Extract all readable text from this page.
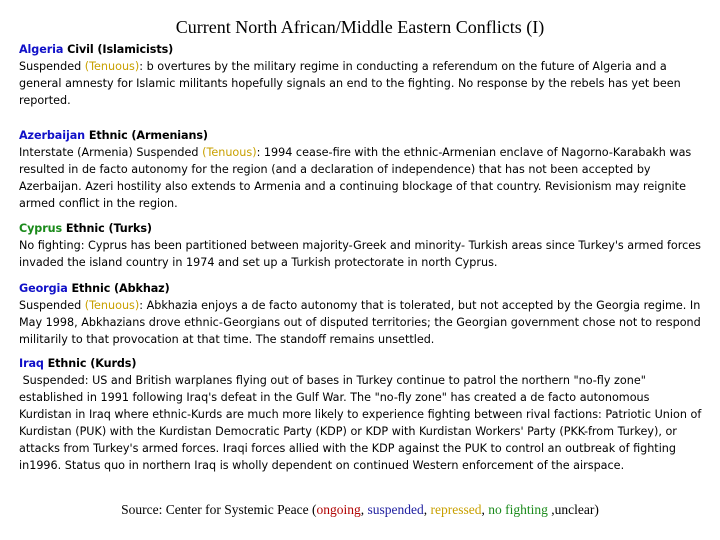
Current North African/Middle Eastern Conflicts (I)
Algeria Civil (Islamicists)
Suspended (Tenuous): b overtures by the military regime in conducting a referendum on the future of Algeria and a general amnesty for Islamic militants hopefully signals an end to the fighting. No response by the rebels has yet been reported.
Azerbaijan Ethnic (Armenians)
Interstate (Armenia) Suspended (Tenuous): 1994 cease-fire with the ethnic-Armenian enclave of Nagorno-Karabakh was resulted in de facto autonomy for the region (and a declaration of independence) that has not been accepted by Azerbaijan. Azeri hostility also extends to Armenia and a continuing blockage of that country. Revisionism may reignite armed conflict in the region.
Cyprus Ethnic (Turks)
No fighting: Cyprus has been partitioned between majority-Greek and minority- Turkish areas since Turkey's armed forces invaded the island country in 1974 and set up a Turkish protectorate in north Cyprus.
Georgia Ethnic (Abkhaz)
Suspended (Tenuous): Abkhazia enjoys a de facto autonomy that is tolerated, but not accepted by the Georgia regime. In May 1998, Abkhazians drove ethnic-Georgians out of disputed territories; the Georgian government chose not to respond militarily to that provocation at that time. The standoff remains unsettled.
Iraq Ethnic (Kurds)
Suspended: US and British warplanes flying out of bases in Turkey continue to patrol the northern "no-fly zone" established in 1991 following Iraq's defeat in the Gulf War. The "no-fly zone" has created a de facto autonomous Kurdistan in Iraq where ethnic-Kurds are much more likely to experience fighting between rival factions: Patriotic Union of Kurdistan (PUK) with the Kurdistan Democratic Party (KDP) or KDP with Kurdistan Workers' Party (PKK-from Turkey), or attacks from Turkey's armed forces. Iraqi forces allied with the KDP against the PUK to control an outbreak of fighting in1996. Status quo in northern Iraq is wholly dependent on continued Western enforcement of the airspace.
Source: Center for Systemic Peace (ongoing, suspended, repressed, no fighting ,unclear)
